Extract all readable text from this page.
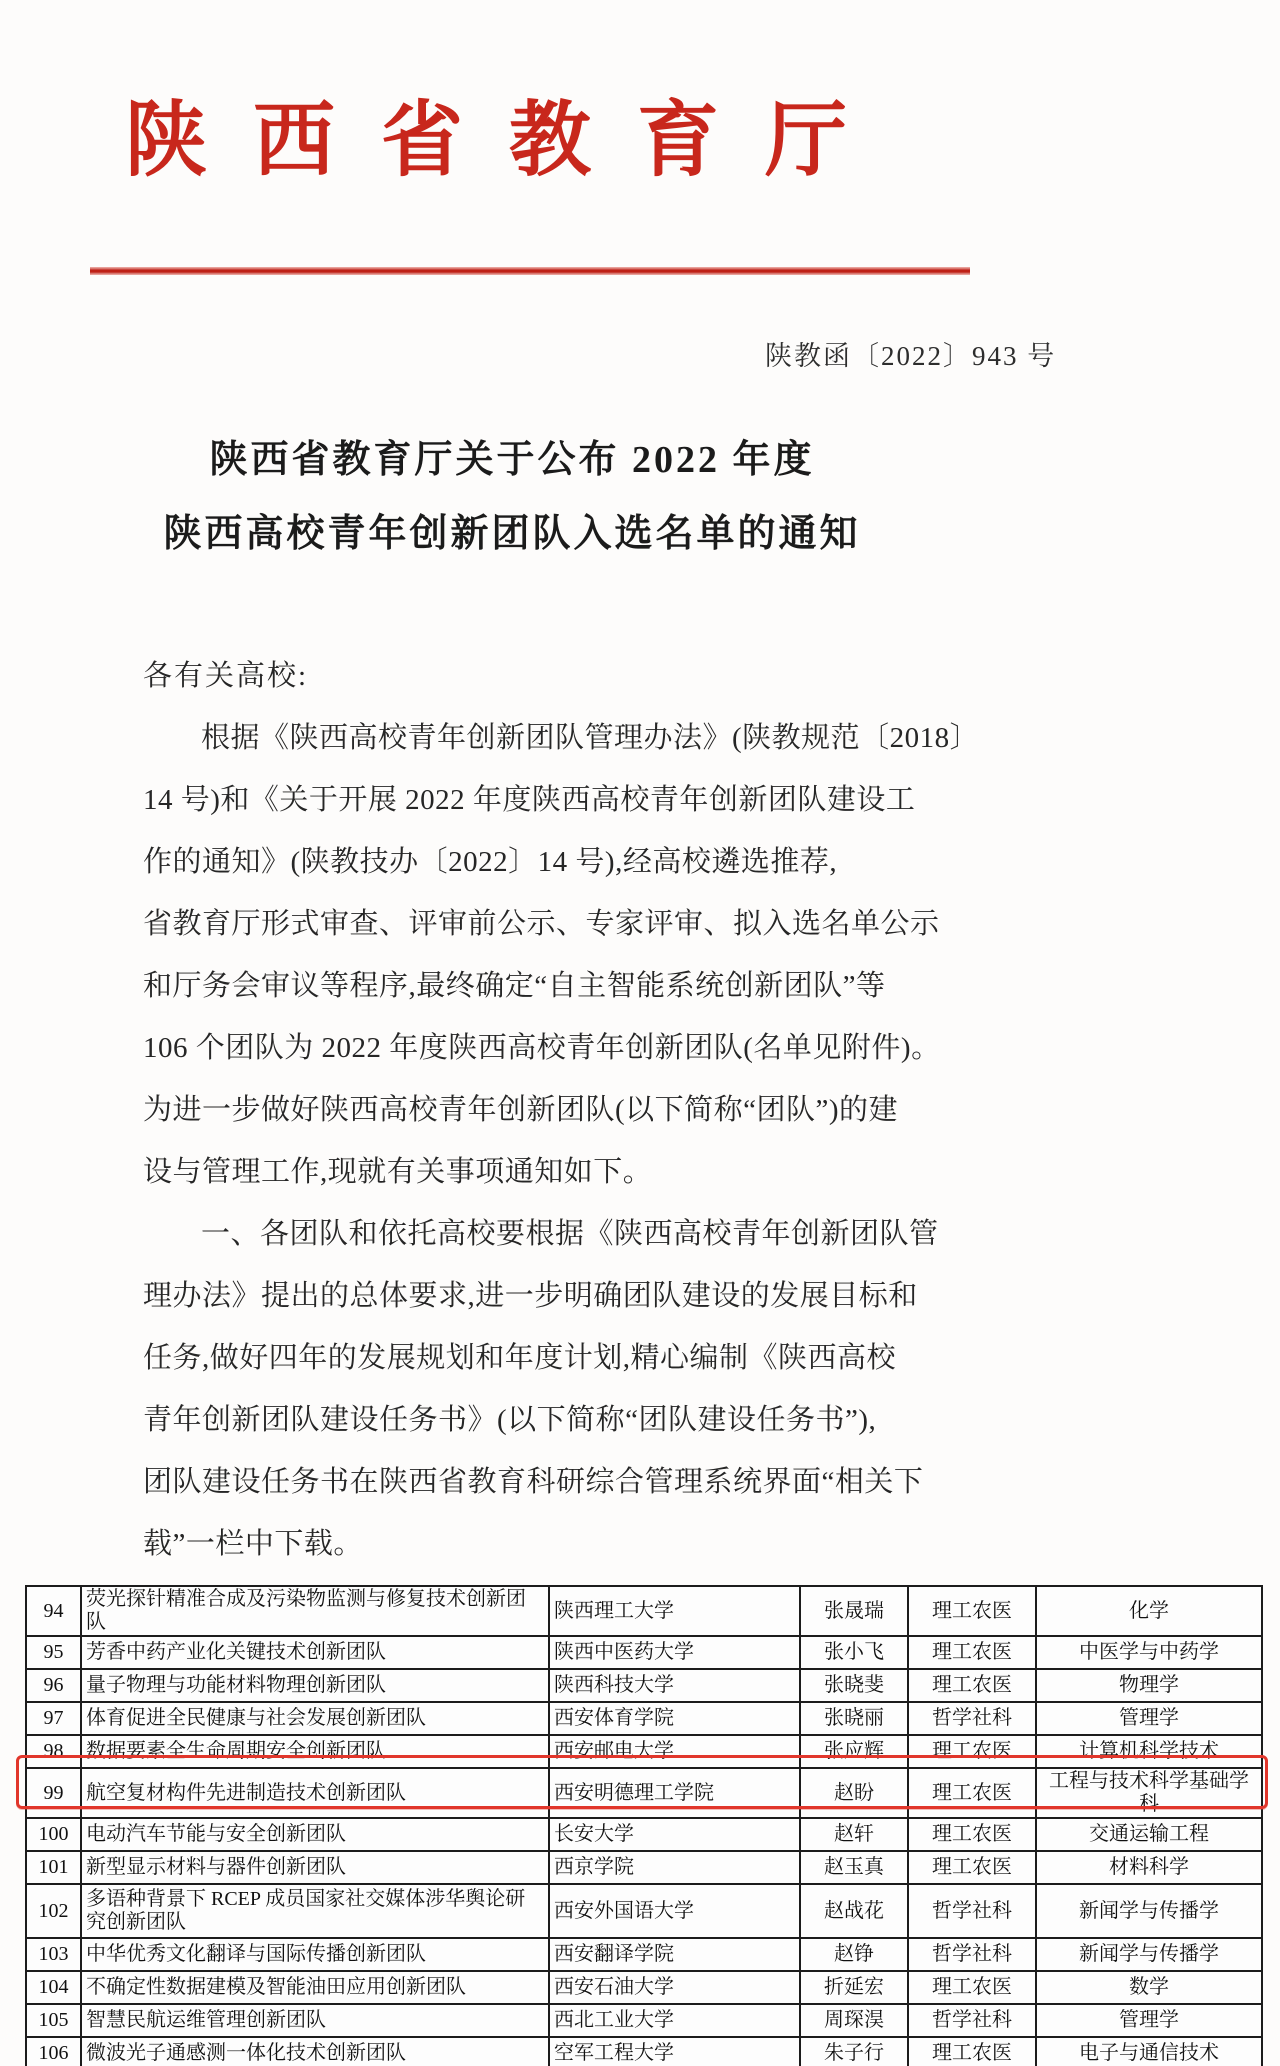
陕西省教育厅
陕教函〔2022〕943 号
陕西省教育厅关于公布 2022 年度
陕西高校青年创新团队入选名单的通知
各有关高校:
根据《陕西高校青年创新团队管理办法》(陕教规范〔2018〕
14 号)和《关于开展 2022 年度陕西高校青年创新团队建设工
作的通知》(陕教技办〔2022〕14 号),经高校遴选推荐,
省教育厅形式审查、评审前公示、专家评审、拟入选名单公示
和厅务会审议等程序,最终确定“自主智能系统创新团队”等
106 个团队为 2022 年度陕西高校青年创新团队(名单见附件)。
为进一步做好陕西高校青年创新团队(以下简称“团队”)的建
设与管理工作,现就有关事项通知如下。
一、各团队和依托高校要根据《陕西高校青年创新团队管
理办法》提出的总体要求,进一步明确团队建设的发展目标和
任务,做好四年的发展规划和年度计划,精心编制《陕西高校
青年创新团队建设任务书》(以下简称“团队建设任务书”),
团队建设任务书在陕西省教育科研综合管理系统界面“相关下
载”一栏中下载。
94	荧光探针精准合成及污染物监测与修复技术创新团队	陕西理工大学	张晟瑞	理工农医	化学
95	芳香中药产业化关键技术创新团队	陕西中医药大学	张小飞	理工农医	中医学与中药学
96	量子物理与功能材料物理创新团队	陕西科技大学	张晓斐	理工农医	物理学
97	体育促进全民健康与社会发展创新团队	西安体育学院	张晓丽	哲学社科	管理学
98	数据要素全生命周期安全创新团队	西安邮电大学	张应辉	理工农医	计算机科学技术
99	航空复材构件先进制造技术创新团队	西安明德理工学院	赵盼	理工农医	工程与技术科学基础学科
100	电动汽车节能与安全创新团队	长安大学	赵轩	理工农医	交通运输工程
101	新型显示材料与器件创新团队	西京学院	赵玉真	理工农医	材料科学
102	多语种背景下 RCEP 成员国家社交媒体涉华舆论研究创新团队	西安外国语大学	赵战花	哲学社科	新闻学与传播学
103	中华优秀文化翻译与国际传播创新团队	西安翻译学院	赵铮	哲学社科	新闻学与传播学
104	不确定性数据建模及智能油田应用创新团队	西安石油大学	折延宏	理工农医	数学
105	智慧民航运维管理创新团队	西北工业大学	周琛淏	哲学社科	管理学
106	微波光子通感测一体化技术创新团队	空军工程大学	朱子行	理工农医	电子与通信技术
